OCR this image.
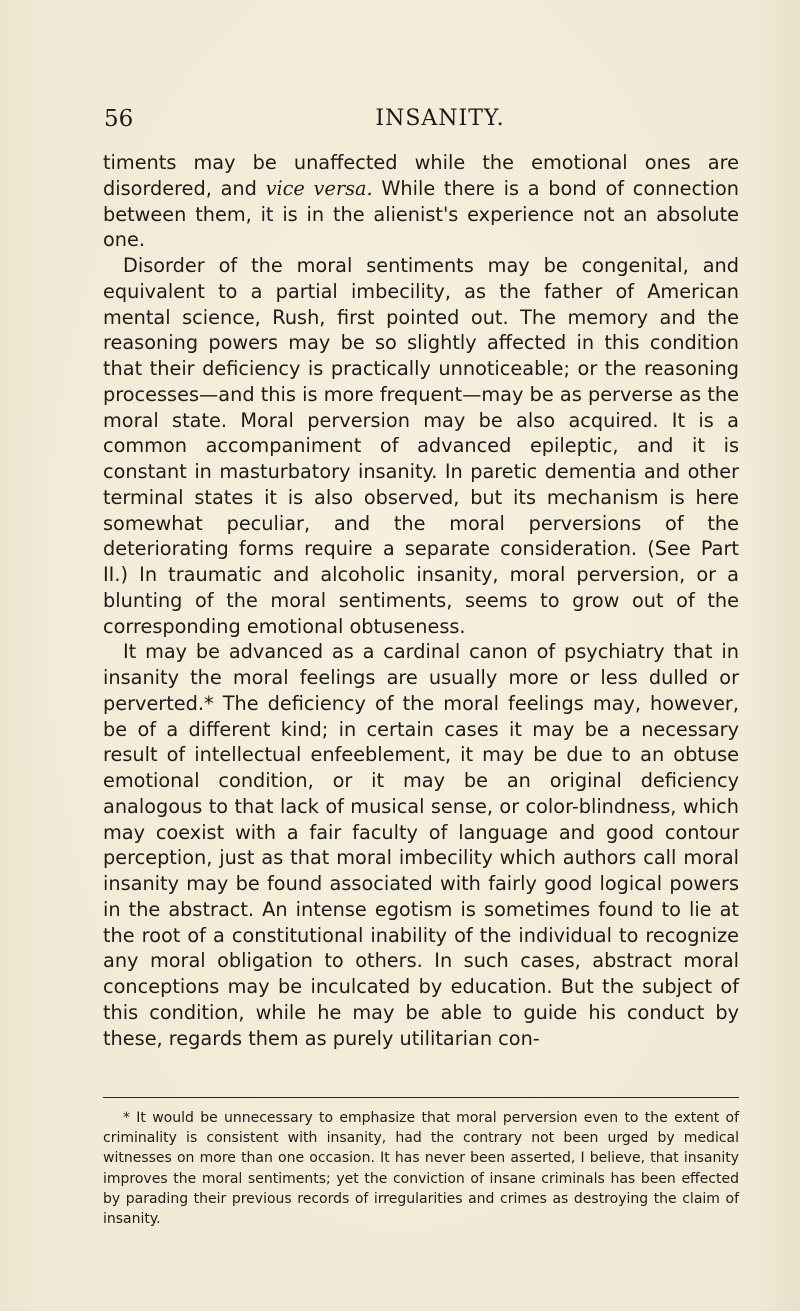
56	INSANITY.

timents may be unaffected while the emotional ones are disordered, and vice versa. While there is a bond of connection between them, it is in the alienist's experience not an absolute one.

Disorder of the moral sentiments may be congenital, and equivalent to a partial imbecility, as the father of American mental science, Rush, first pointed out. The memory and the reasoning powers may be so slightly affected in this condition that their deficiency is practically unnoticeable; or the reasoning processes—and this is more frequent—may be as perverse as the moral state. Moral perversion may be also acquired. It is a common accompaniment of advanced epileptic, and it is constant in masturbatory insanity. In paretic dementia and other terminal states it is also observed, but its mechanism is here somewhat peculiar, and the moral perversions of the deteriorating forms require a separate consideration. (See Part II.) In traumatic and alcoholic insanity, moral perversion, or a blunting of the moral sentiments, seems to grow out of the corresponding emotional obtuseness.

It may be advanced as a cardinal canon of psychiatry that in insanity the moral feelings are usually more or less dulled or perverted.* The deficiency of the moral feelings may, however, be of a different kind; in certain cases it may be a necessary result of intellectual enfeeblement, it may be due to an obtuse emotional condition, or it may be an original deficiency analogous to that lack of musical sense, or color-blindness, which may coexist with a fair faculty of language and good contour perception, just as that moral imbecility which authors call moral insanity may be found associated with fairly good logical powers in the abstract. An intense egotism is sometimes found to lie at the root of a constitutional inability of the individual to recognize any moral obligation to others. In such cases, abstract moral conceptions may be inculcated by education. But the subject of this condition, while he may be able to guide his conduct by these, regards them as purely utilitarian con-

* It would be unnecessary to emphasize that moral perversion even to the extent of criminality is consistent with insanity, had the contrary not been urged by medical witnesses on more than one occasion. It has never been asserted, I believe, that insanity improves the moral sentiments; yet the conviction of insane criminals has been effected by parading their previous records of irregularities and crimes as destroying the claim of insanity.
